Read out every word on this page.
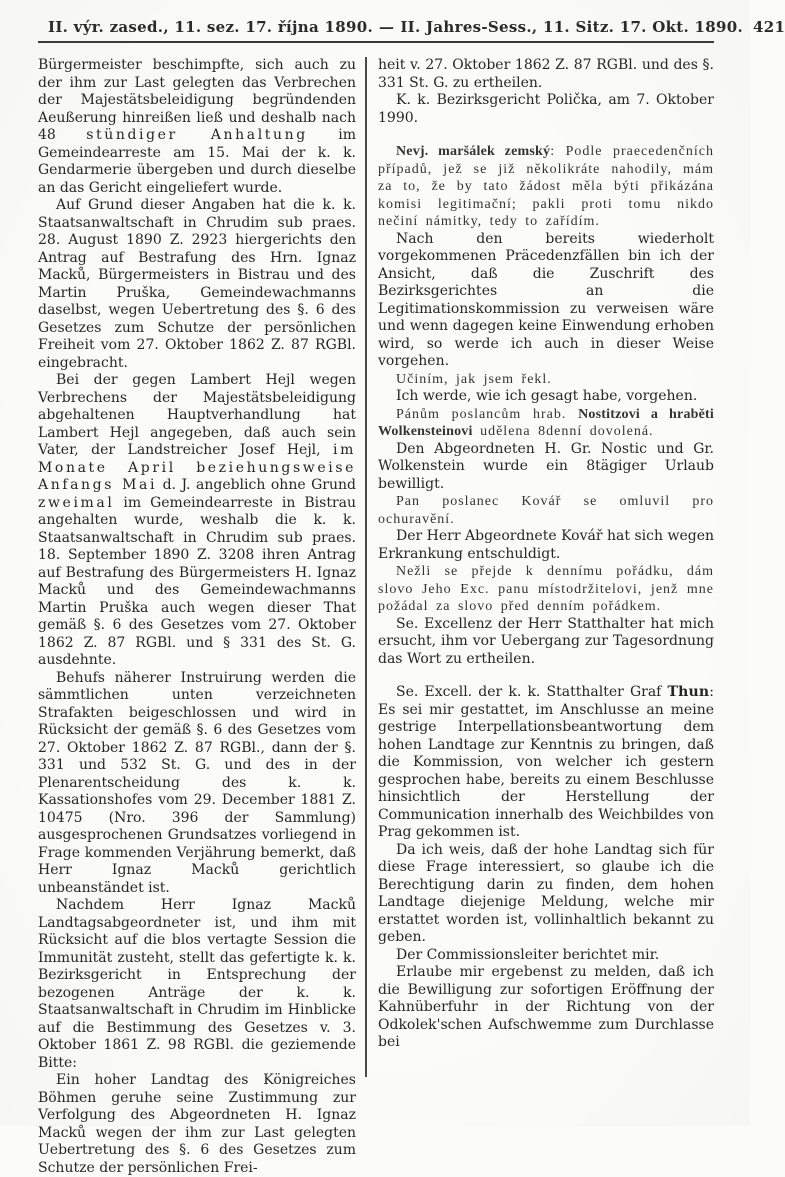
II. výr. zased., 11. sez. 17. října 1890. — II. Jahres-Sess., 11. Sitz. 17. Okt. 1890. 421

Bürgermeister beschimpfte, sich auch zu der ihm zur Last gelegten das Verbrechen der Majestätsbeleidigung begründenden Aeußerung hinreißen ließ und deshalb nach 48 stündiger Anhaltung im Gemeindearreste am 15. Mai der k. k. Gendarmerie übergeben und durch dieselbe an das Gericht eingeliefert wurde.

Auf Grund dieser Angaben hat die k. k. Staatsanwaltschaft in Chrudim sub praes. 28. August 1890 Z. 2923 hiergerichts den Antrag auf Bestrafung des Hrn. Ignaz Macků, Bürgermeisters in Bistrau und des Martin Pruška, Gemeindewachmanns daselbst, wegen Uebertretung des §. 6 des Gesetzes zum Schutze der persönlichen Freiheit vom 27. Oktober 1862 Z. 87 RGBl. eingebracht.

Bei der gegen Lambert Hejl wegen Verbrechens der Majestätsbeleidigung abgehaltenen Hauptverhandlung hat Lambert Hejl angegeben, daß auch sein Vater, der Landstreicher Josef Hejl, im Monate April beziehungsweise Anfangs Mai d. J. angeblich ohne Grund zweimal im Gemeindearreste in Bistrau angehalten wurde, weshalb die k. k. Staatsanwaltschaft in Chrudim sub praes. 18. September 1890 Z. 3208 ihren Antrag auf Bestrafung des Bürgermeisters H. Ignaz Macků und des Gemeindewachmanns Martin Pruška auch wegen dieser That gemäß §. 6 des Gesetzes vom 27. Oktober 1862 Z. 87 RGBl. und § 331 des St. G. ausdehnte.

Behufs näherer Instruirung werden die sämmtlichen unten verzeichneten Strafakten beigeschlossen und wird in Rücksicht der gemäß §. 6 des Gesetzes vom 27. Oktober 1862 Z. 87 RGBl., dann der §. 331 und 532 St. G. und des in der Plenarentscheidung des k. k. Kassationshofes vom 29. December 1881 Z. 10475 (Nro. 396 der Sammlung) ausgesprochenen Grundsatzes vorliegend in Frage kommenden Verjährung bemerkt, daß Herr Ignaz Macků gerichtlich unbeanständet ist.

Nachdem Herr Ignaz Macků Landtagsabgeordneter ist, und ihm mit Rücksicht auf die blos vertagte Session die Immunität zusteht, stellt das gefertigte k. k. Bezirksgericht in Entsprechung der bezogenen Anträge der k. k. Staatsanwaltschaft in Chrudim im Hinblicke auf die Bestimmung des Gesetzes v. 3. Oktober 1861 Z. 98 RGBl. die geziemende Bitte:

Ein hoher Landtag des Königreiches Böhmen geruhe seine Zustimmung zur Verfolgung des Abgeordneten H. Ignaz Macků wegen der ihm zur Last gelegten Uebertretung des §. 6 des Gesetzes zum Schutze der persönlichen Frei-

heit v. 27. Oktober 1862 Z. 87 RGBl. und des §. 331 St. G. zu ertheilen.

K. k. Bezirksgericht Polička, am 7. Oktober 1990.

Nevj. maršálek zemský: Podle praecedenčních případů, jež se již několikráte nahodily, mám za to, že by tato žádost měla býti přikázána komisi legitimační; pakli proti tomu nikdo nečiní námitky, tedy to zařídím.

Nach den bereits wiederholt vorgekommenen Präcedenzfällen bin ich der Ansicht, daß die Zuschrift des Bezirksgerichtes an die Legitimationskommission zu verweisen wäre und wenn dagegen keine Einwendung erhoben wird, so werde ich auch in dieser Weise vorgehen.

Učiním, jak jsem řekl.

Ich werde, wie ich gesagt habe, vorgehen.

Pánům poslancům hrab. Nostitzovi a hraběti Wolkensteinovi udělena 8denní dovolená.

Den Abgeordneten H. Gr. Nostic und Gr. Wolkenstein wurde ein 8tägiger Urlaub bewilligt.

Pan poslanec Kovář se omluvil pro ochuravění.

Der Herr Abgeordnete Kovář hat sich wegen Erkrankung entschuldigt.

Nežli se přejde k dennímu pořádku, dám slovo Jeho Exc. panu místodržitelovi, jenž mne požádal za slovo před denním pořádkem.

Se. Excellenz der Herr Statthalter hat mich ersucht, ihm vor Uebergang zur Tagesordnung das Wort zu ertheilen.

Se. Excell. der k. k. Statthalter Graf Thun: Es sei mir gestattet, im Anschlusse an meine gestrige Interpellationsbeantwortung dem hohen Landtage zur Kenntnis zu bringen, daß die Kommission, von welcher ich gestern gesprochen habe, bereits zu einem Beschlusse hinsichtlich der Herstellung der Communication innerhalb des Weichbildes von Prag gekommen ist.

Da ich weis, daß der hohe Landtag sich für diese Frage interessiert, so glaube ich die Berechtigung darin zu finden, dem hohen Landtage diejenige Meldung, welche mir erstattet worden ist, vollinhaltlich bekannt zu geben.

Der Commissionsleiter berichtet mir.

Erlaube mir ergebenst zu melden, daß ich die Bewilligung zur sofortigen Eröffnung der Kahnüberfuhr in der Richtung von der Odkolek'schen Aufschwemme zum Durchlasse bei
